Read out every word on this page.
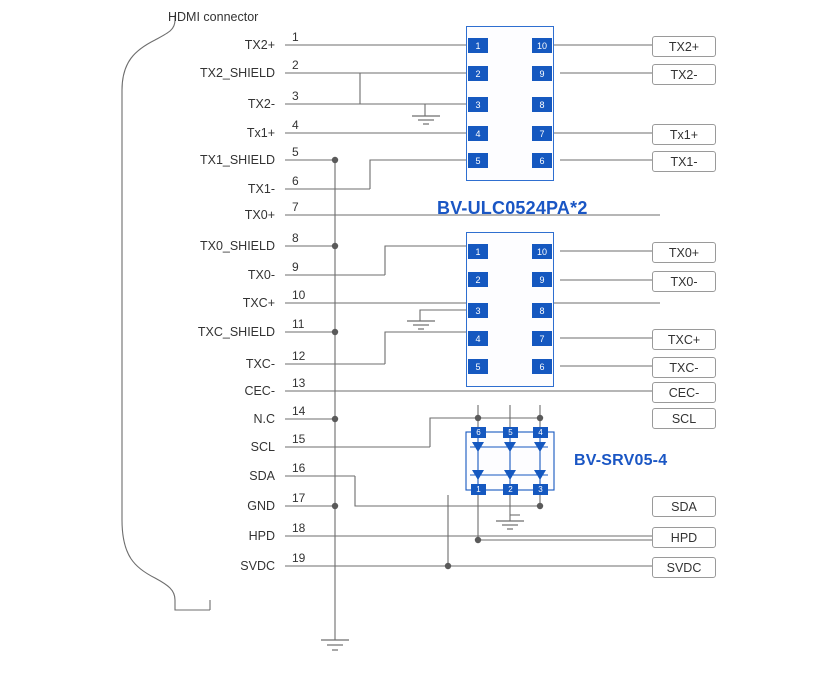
HDMI connector
TX2+
TX2_SHIELD
TX2-
Tx1+
TX1_SHIELD
TX1-
TX0+
TX0_SHIELD
TX0-
TXC+
TXC_SHIELD
TXC-
CEC-
N.C
SCL
SDA
GND
HPD
SVDC
1
2
3
4
5
6
7
8
9
10
11
12
13
14
15
16
17
18
19
1
2
3
4
5
10
9
8
7
6
BV-ULC0524PA*2
1
2
3
4
5
10
9
8
7
6
6	5	4
1	2	3
BV-SRV05-4
TX2+
TX2-
Tx1+
TX1-
TX0+
TX0-
TXC+
TXC-
CEC-
SCL
SDA
HPD
SVDC
